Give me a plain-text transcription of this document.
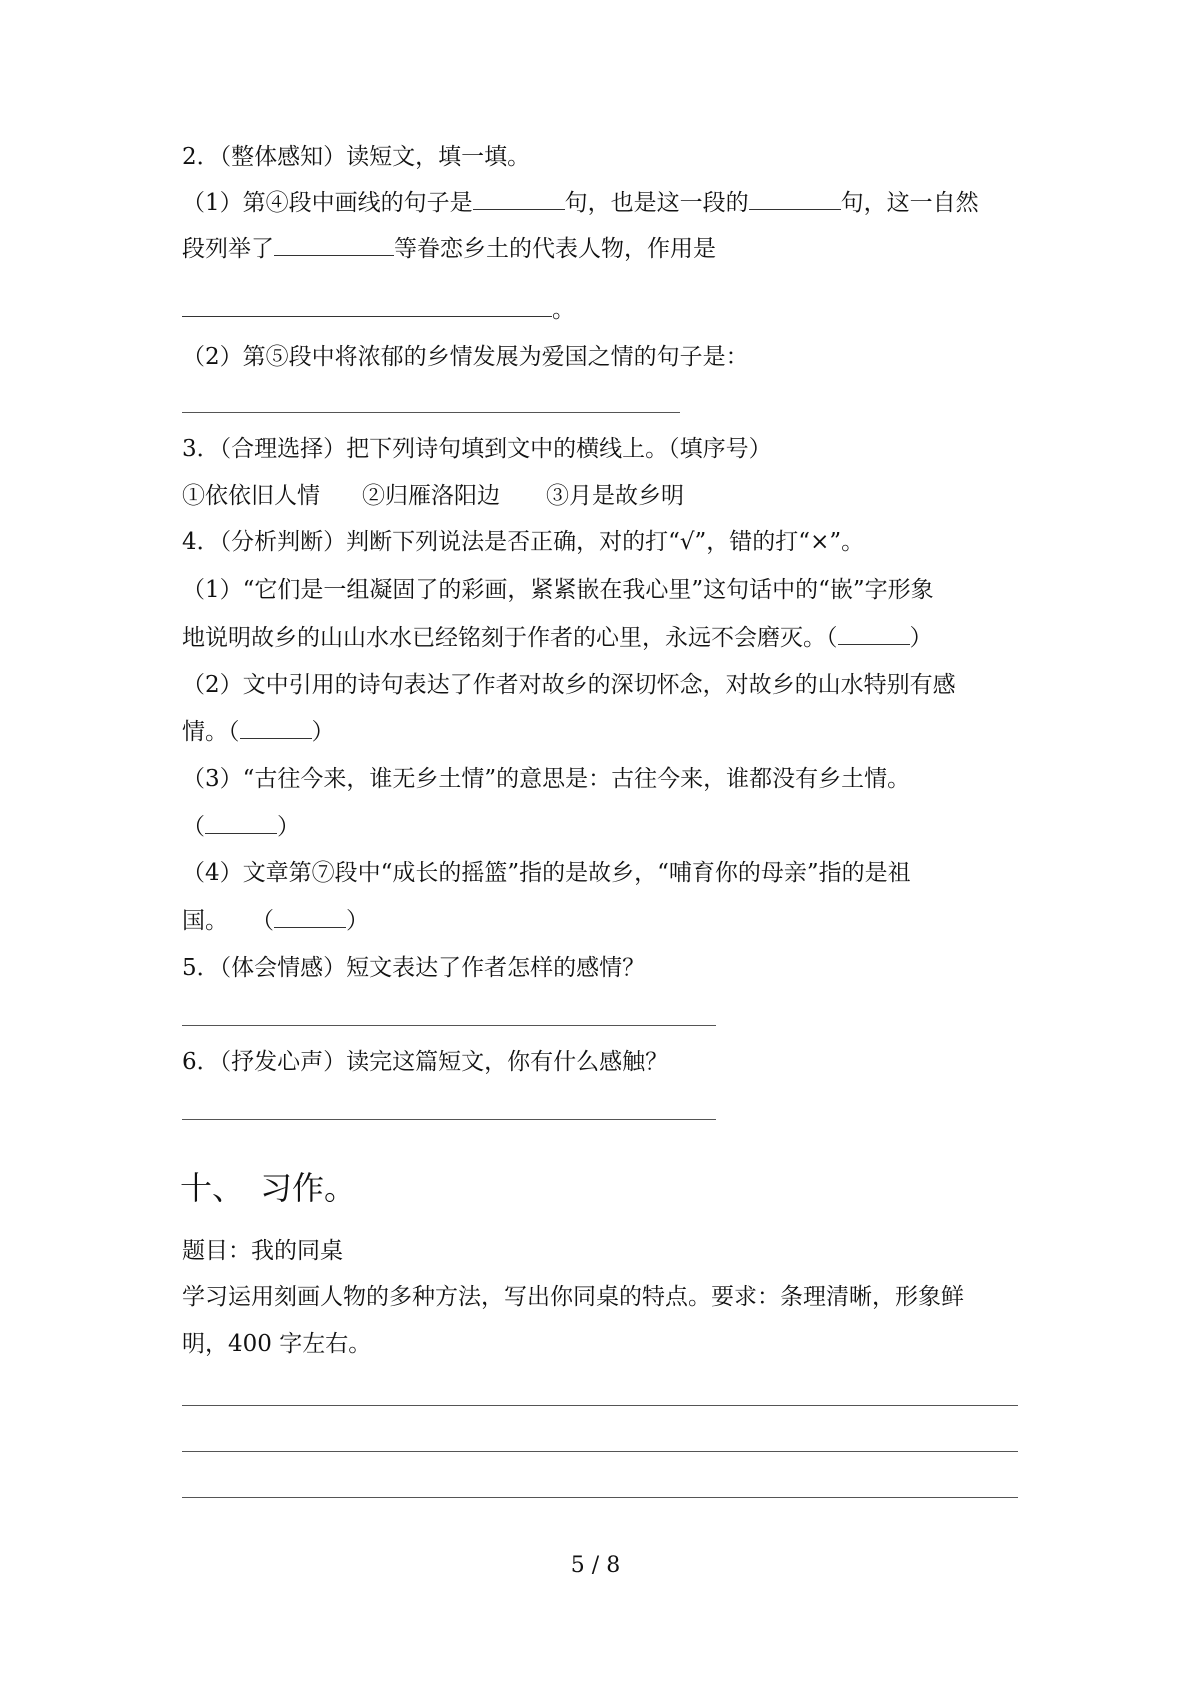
2．（整体感知）读短文，填一填。
（1）第④段中画线的句子是	句，也是这一段的	句，这一自然
段列举了	等眷恋乡土的代表人物，作用是
。
（2）第⑤段中将浓郁的乡情发展为爱国之情的句子是：
3．（合理选择）把下列诗句填到文中的横线上。（填序号）
①依依旧人情 ②归雁洛阳边 ③月是故乡明
4．（分析判断）判断下列说法是否正确，对的打“√”，错的打“×”。
（1）“它们是一组凝固了的彩画，紧紧嵌在我心里”这句话中的“嵌”字形象
地说明故乡的山山水水已经铭刻于作者的心里，永远不会磨灭。（	）
（2）文中引用的诗句表达了作者对故乡的深切怀念，对故乡的山水特别有感
情。（	）
（3）“古往今来，谁无乡土情”的意思是：古往今来，谁都没有乡土情。
（	）
（4）文章第⑦段中“成长的摇篮”指的是故乡，“哺育你的母亲”指的是祖
国。　　（	）
5．（体会情感）短文表达了作者怎样的感情？
6．（抒发心声）读完这篇短文，你有什么感触？
十、　习作。
题目：我的同桌
学习运用刻画人物的多种方法，写出你同桌的特点。要求：条理清晰，形象鲜
明，400 字左右。
5 / 8
